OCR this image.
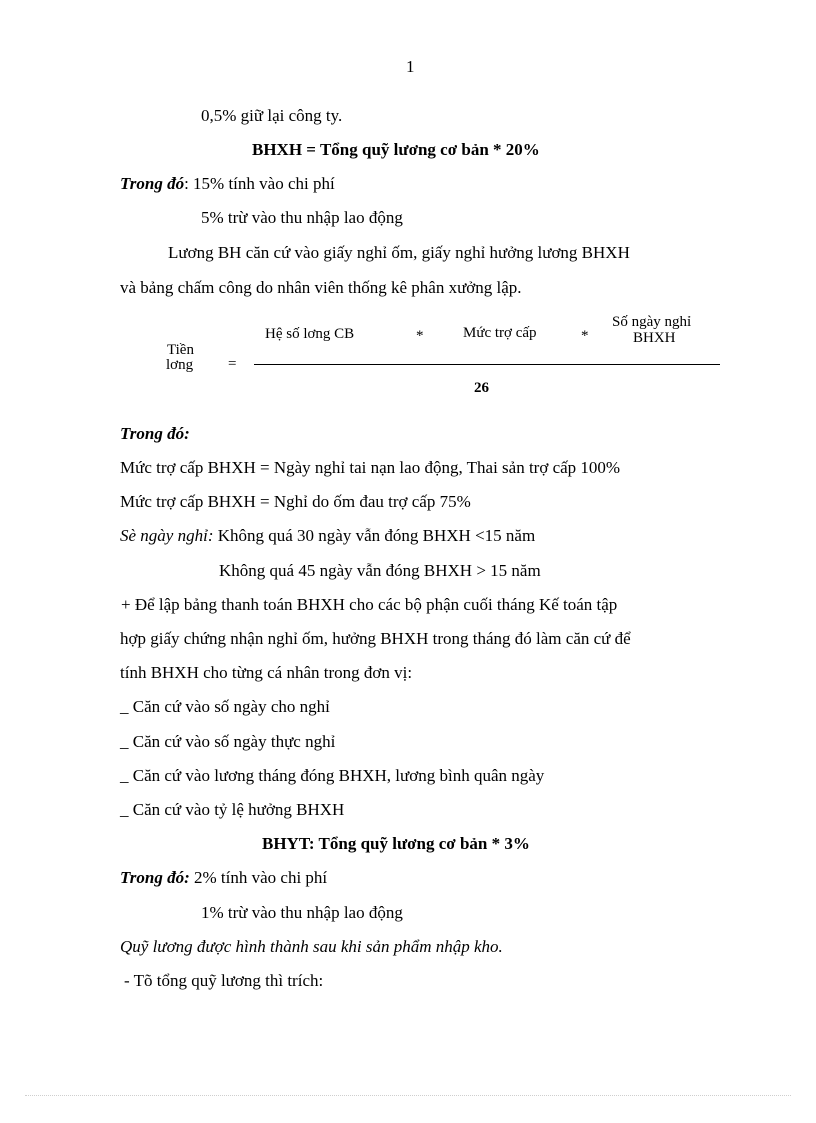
1
0,5% giữ lại công ty.
BHXH = Tổng quỹ lương cơ bản * 20%
Trong đó: 15% tính vào chi phí
5% trừ vào thu nhập lao động
Lương BH căn cứ vào giấy nghỉ ốm, giấy nghỉ hưởng lương BHXH
và bảng chấm công do nhân viên thống kê phân xưởng lập.
Tiền
lơng =
Hệ số lơng CB	*	Mức trợ cấp	*
Số ngày nghỉ
BHXH
26
Trong đó:
Mức trợ cấp BHXH = Ngày nghỉ tai nạn lao động, Thai sản trợ cấp 100%
Mức trợ cấp BHXH = Nghỉ do ốm đau trợ cấp 75%
Sè ngày nghỉ: Không quá 30 ngày vẫn đóng BHXH <15 năm
Không quá 45 ngày vẫn đóng BHXH > 15 năm
+ Để lập bảng thanh toán BHXH cho các bộ phận cuối tháng Kế toán tập
hợp giấy chứng nhận nghỉ ốm, hưởng BHXH trong tháng đó làm căn cứ để
tính BHXH cho từng cá nhân trong đơn vị:
_ Căn cứ vào số ngày cho nghỉ
_ Căn cứ vào số ngày thực nghỉ
_ Căn cứ vào lương tháng đóng BHXH, lương bình quân ngày
_ Căn cứ vào tỷ lệ hưởng BHXH
BHYT: Tổng quỹ lương cơ bản * 3%
Trong đó: 2% tính vào chi phí
1% trừ vào thu nhập lao động
Quỹ lương được hình thành sau khi sản phẩm nhập kho.
- Tõ tổng quỹ lương thì trích:
